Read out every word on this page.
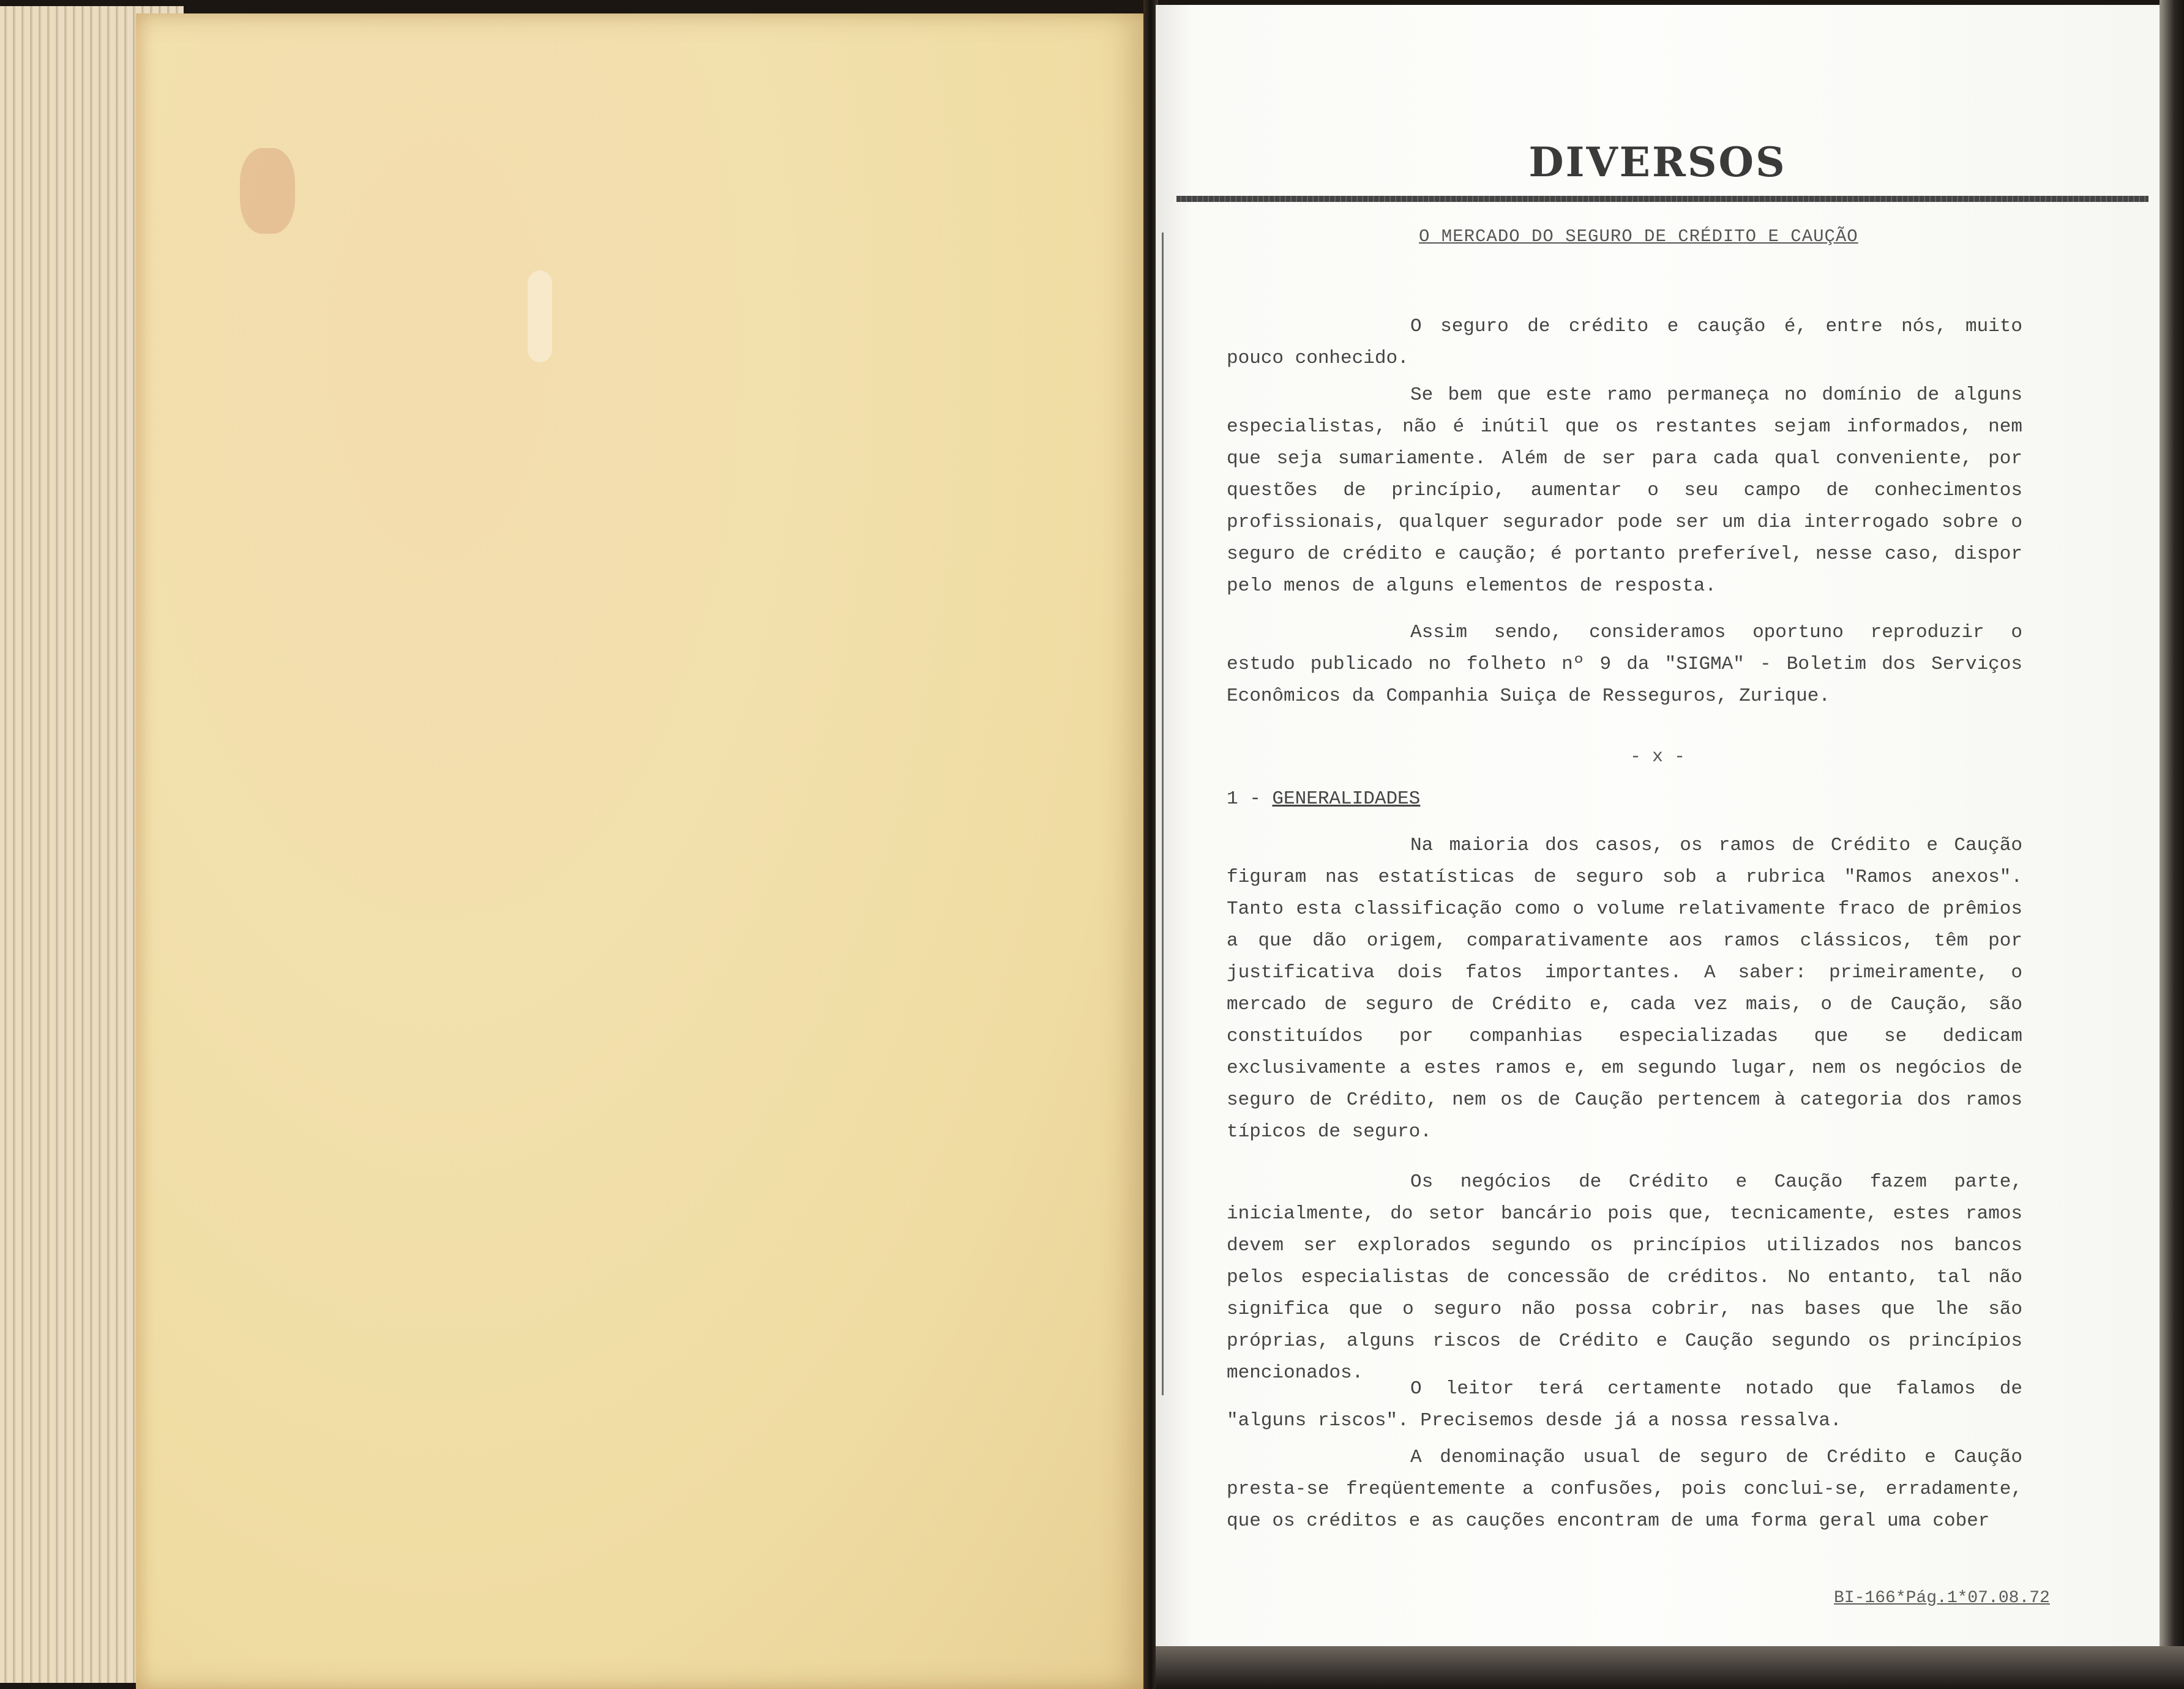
DIVERSOS
O MERCADO DO SEGURO DE CRÉDITO E CAUÇÃO

O seguro de crédito e caução é, entre nós, muito pouco conhecido.

Se bem que este ramo permaneça no domínio de alguns especialistas, não é inútil que os restantes sejam informados, nem que seja sumariamente. Além de ser para cada qual conveniente, por questões de princípio, aumentar o seu campo de conhecimentos profissionais, qualquer segurador pode ser um dia interrogado sobre o seguro de crédito e caução; é portanto preferível, nesse caso, dispor pelo menos de alguns elementos de resposta.

Assim sendo, consideramos oportuno reproduzir o estudo publicado no folheto nº 9 da "SIGMA" - Boletim dos Serviços Econômicos da Companhia Suiça de Resseguros, Zurique.

- x -
1 - GENERALIDADES

Na maioria dos casos, os ramos de Crédito e Caução figuram nas estatísticas de seguro sob a rubrica "Ramos anexos". Tanto esta classificação como o volume relativamente fraco de prêmios a que dão origem, comparativamente aos ramos clássicos, têm por justificativa dois fatos importantes. A saber: primeiramente, o mercado de seguro de Crédito e, cada vez mais, o de Caução, são constituídos por companhias especializadas que se dedicam exclusivamente a estes ramos e, em segundo lugar, nem os negócios de seguro de Crédito, nem os de Caução pertencem à categoria dos ramos típicos de seguro.

Os negócios de Crédito e Caução fazem parte, inicialmente, do setor bancário pois que, tecnicamente, estes ramos devem ser explorados segundo os princípios utilizados nos bancos pelos especialistas de concessão de créditos. No entanto, tal não significa que o seguro não possa cobrir, nas bases que lhe são próprias, alguns riscos de Crédito e Caução segundo os princípios mencionados.

O leitor terá certamente notado que falamos de "alguns riscos". Precisemos desde já a nossa ressalva.

A denominação usual de seguro de Crédito e Caução presta-se freqüentemente a confusões, pois conclui-se, erradamente, que os créditos e as cauções encontram de uma forma geral uma cober

BI-166*Pág.1*07.08.72
